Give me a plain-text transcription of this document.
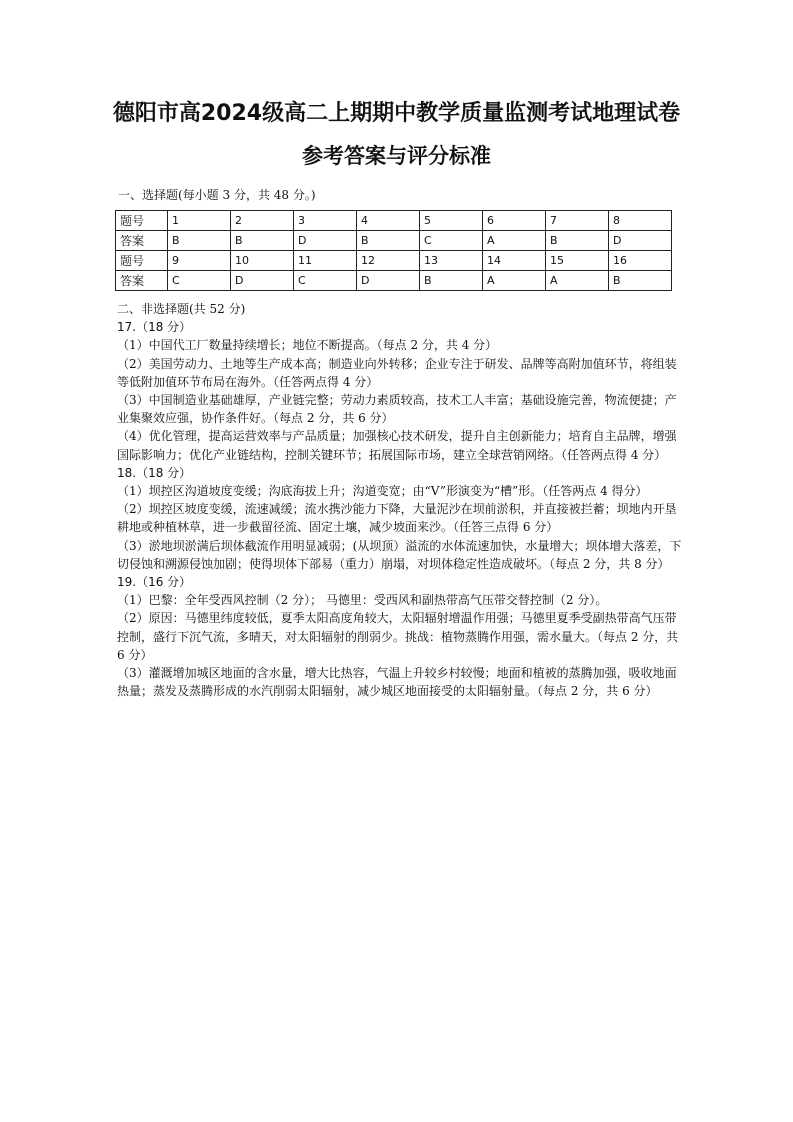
德阳市高2024级高二上期期中教学质量监测考试地理试卷
参考答案与评分标准
一、选择题(每小题 3 分，共 48 分。)
题号	1	2	3	4	5	6	7	8
答案	B	B	D	B	C	A	B	D
题号	9	10	11	12	13	14	15	16
答案	C	D	C	D	B	A	A	B

二、非选择题(共 52 分)

17.（18 分）

（1）中国代工厂数量持续增长；地位不断提高。（每点 2 分，共 4 分）

（2）美国劳动力、土地等生产成本高；制造业向外转移；企业专注于研发、品牌等高附加值环节，将组装等低附加值环节布局在海外。（任答两点得 4 分）

（3）中国制造业基础雄厚，产业链完整；劳动力素质较高，技术工人丰富；基础设施完善，物流便捷；产业集聚效应强，协作条件好。（每点 2 分，共 6 分）

（4）优化管理，提高运营效率与产品质量；加强核心技术研发，提升自主创新能力；培育自主品牌，增强国际影响力；优化产业链结构，控制关键环节；拓展国际市场，建立全球营销网络。（任答两点得 4 分）

18.（18 分）

（1）坝控区沟道坡度变缓；沟底海拔上升；沟道变宽；由“V”形演变为“槽”形。（任答两点 4 得分）

（2）坝控区坡度变缓，流速减缓；流水携沙能力下降，大量泥沙在坝前淤积，并直接被拦蓄；坝地内开垦耕地或种植林草，进一步截留径流、固定土壤，减少坡面来沙。（任答三点得 6 分）

（3）淤地坝淤满后坝体截流作用明显减弱；(从坝顶）溢流的水体流速加快，水量增大；坝体增大落差，下切侵蚀和溯源侵蚀加剧；使得坝体下部易（重力）崩塌，对坝体稳定性造成破坏。（每点 2 分，共 8 分）

19.（16 分）

（1）巴黎：全年受西风控制（2 分）； 马德里：受西风和副热带高气压带交替控制（2 分）。

（2）原因：马德里纬度较低，夏季太阳高度角较大，太阳辐射增温作用强；马德里夏季受副热带高气压带控制，盛行下沉气流，多晴天，对太阳辐射的削弱少。挑战：植物蒸腾作用强，需水量大。（每点 2 分，共 6 分）

（3）灌溉增加城区地面的含水量，增大比热容，气温上升较乡村较慢；地面和植被的蒸腾加强，吸收地面热量；蒸发及蒸腾形成的水汽削弱太阳辐射，减少城区地面接受的太阳辐射量。（每点 2 分，共 6 分）
